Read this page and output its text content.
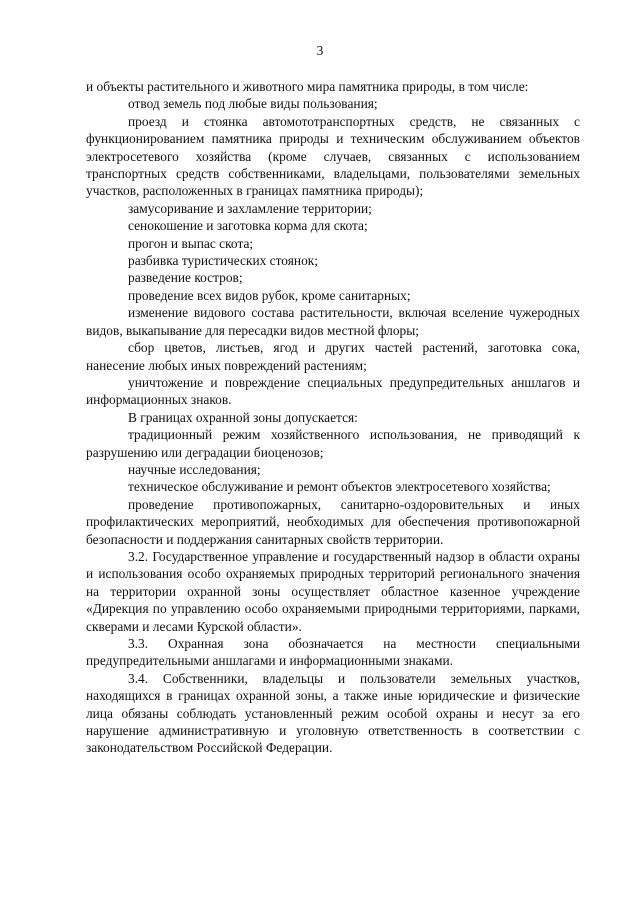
3

и объекты растительного и животного мира памятника природы, в том числе:

отвод земель под любые виды пользования;

проезд и стоянка автомототранспортных средств, не связанных с функционированием памятника природы и техническим обслуживанием объектов электросетевого хозяйства (кроме случаев, связанных с использованием транспортных средств собственниками, владельцами, пользователями земельных участков, расположенных в границах памятника природы);

замусоривание и захламление территории;

сенокошение и заготовка корма для скота;

прогон и выпас скота;

разбивка туристических стоянок;

разведение костров;

проведение всех видов рубок, кроме санитарных;

изменение видового состава растительности, включая вселение чужеродных видов, выкапывание для пересадки видов местной флоры;

сбор цветов, листьев, ягод и других частей растений, заготовка сока, нанесение любых иных повреждений растениям;

уничтожение и повреждение специальных предупредительных аншлагов и информационных знаков.

В границах охранной зоны допускается:

традиционный режим хозяйственного использования, не приводящий к разрушению или деградации биоценозов;

научные исследования;

техническое обслуживание и ремонт объектов электросетевого хозяйства;

проведение противопожарных, санитарно-оздоровительных и иных профилактических мероприятий, необходимых для обеспечения противопожарной безопасности и поддержания санитарных свойств территории.

3.2. Государственное управление и государственный надзор в области охраны и использования особо охраняемых природных территорий регионального значения на территории охранной зоны осуществляет областное казенное учреждение «Дирекция по управлению особо охраняемыми природными территориями, парками, скверами и лесами Курской области».

3.3. Охранная зона обозначается на местности специальными предупредительными аншлагами и информационными знаками.

3.4. Собственники, владельцы и пользователи земельных участков, находящихся в границах охранной зоны, а также иные юридические и физические лица обязаны соблюдать установленный режим особой охраны и несут за его нарушение административную и уголовную ответственность в соответствии с законодательством Российской Федерации.
